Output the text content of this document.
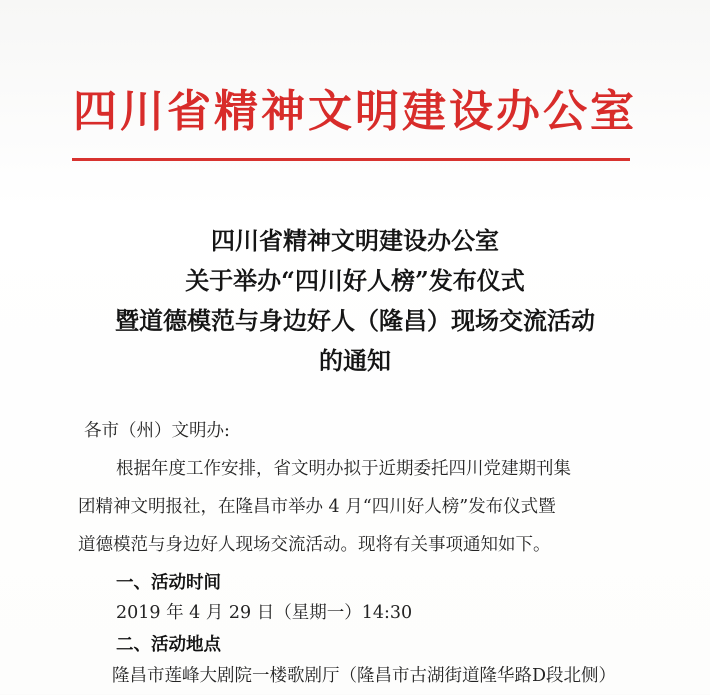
四川省精神文明建设办公室
四川省精神文明建设办公室
关于举办“四川好人榜”发布仪式
暨道德模范与身边好人（隆昌）现场交流活动
的通知
各市（州）文明办:
根据年度工作安排，省文明办拟于近期委托四川党建期刊集
团精神文明报社，在隆昌市举办 4 月“四川好人榜”发布仪式暨
道德模范与身边好人现场交流活动。现将有关事项通知如下。
一、活动时间
2019 年 4 月 29 日（星期一）14:30
二、活动地点
隆昌市莲峰大剧院一楼歌剧厅（隆昌市古湖街道隆华路D段北侧）
